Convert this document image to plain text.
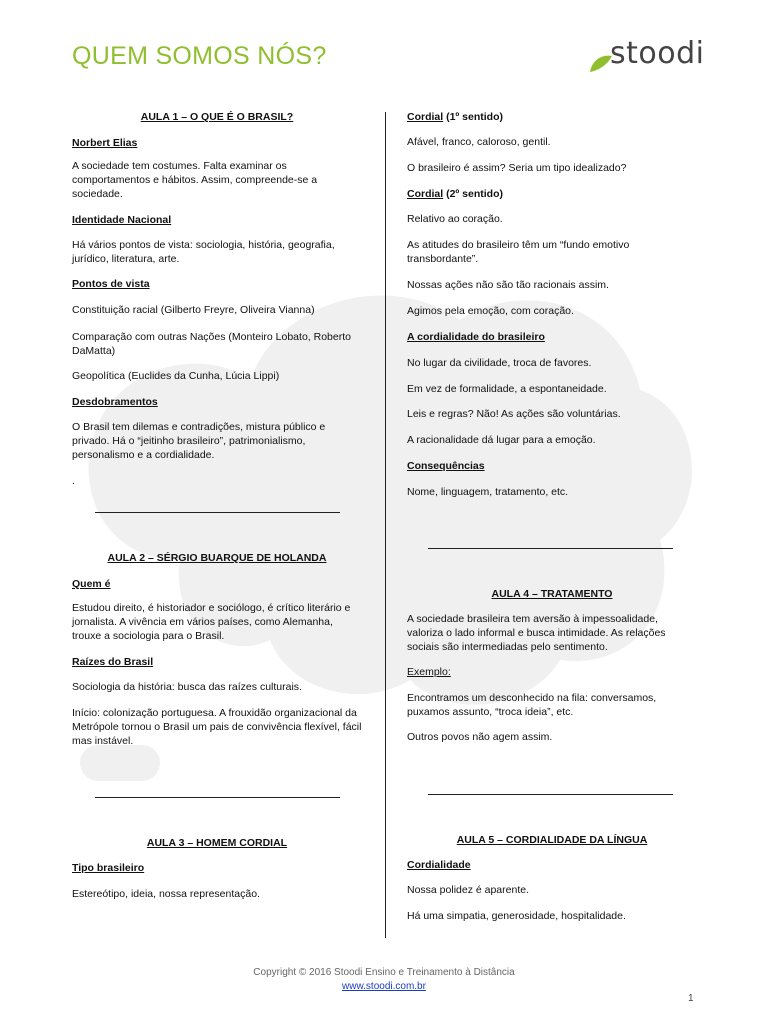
QUEM SOMOS NÓS?	stoodi

AULA 1 – O QUE É O BRASIL?

Norbert Elias

A sociedade tem costumes. Falta examinar os comportamentos e hábitos. Assim, compreende-se a sociedade.

Identidade Nacional

Há vários pontos de vista: sociologia, história, geografia, jurídico, literatura, arte.

Pontos de vista

Constituição racial (Gilberto Freyre, Oliveira Vianna)

Comparação com outras Nações (Monteiro Lobato, Roberto DaMatta)

Geopolítica (Euclides da Cunha, Lúcia Lippi)

Desdobramentos

O Brasil tem dilemas e contradições, mistura público e privado. Há o “jeitinho brasileiro”, patrimonialismo, personalismo e a cordialidade.

.

AULA 2 – SÉRGIO BUARQUE DE HOLANDA

Quem é

Estudou direito, é historiador e sociólogo, é crítico literário e jornalista. A vivência em vários países, como Alemanha, trouxe a sociologia para o Brasil.

Raízes do Brasil

Sociologia da história: busca das raízes culturais.

Início: colonização portuguesa. A frouxidão organizacional da Metrópole tornou o Brasil um pais de convivência flexível, fácil mas instável.

AULA 3 – HOMEM CORDIAL

Tipo brasileiro

Estereótipo, ideia, nossa representação.

Cordial (1º sentido)

Afável, franco, caloroso, gentil.

O brasileiro é assim? Seria um tipo idealizado?

Cordial (2º sentido)

Relativo ao coração.

As atitudes do brasileiro têm um “fundo emotivo transbordante”.

Nossas ações não são tão racionais assim.

Agimos pela emoção, com coração.

A cordialidade do brasileiro

No lugar da civilidade, troca de favores.

Em vez de formalidade, a espontaneidade.

Leis e regras? Não! As ações são voluntárias.

A racionalidade dá lugar para a emoção.

Consequências

Nome, linguagem, tratamento, etc.

AULA 4 – TRATAMENTO

A sociedade brasileira tem aversão à impessoalidade, valoriza o lado informal e busca intimidade. As relações sociais são intermediadas pelo sentimento.

Exemplo:

Encontramos um desconhecido na fila: conversamos, puxamos assunto, “troca ideia”, etc.

Outros povos não agem assim.

AULA 5 – CORDIALIDADE DA LÍNGUA

Cordialidade

Nossa polidez é aparente.

Há uma simpatia, generosidade, hospitalidade.

Copyright © 2016 Stoodi Ensino e Treinamento à Distância
www.stoodi.com.br
1
